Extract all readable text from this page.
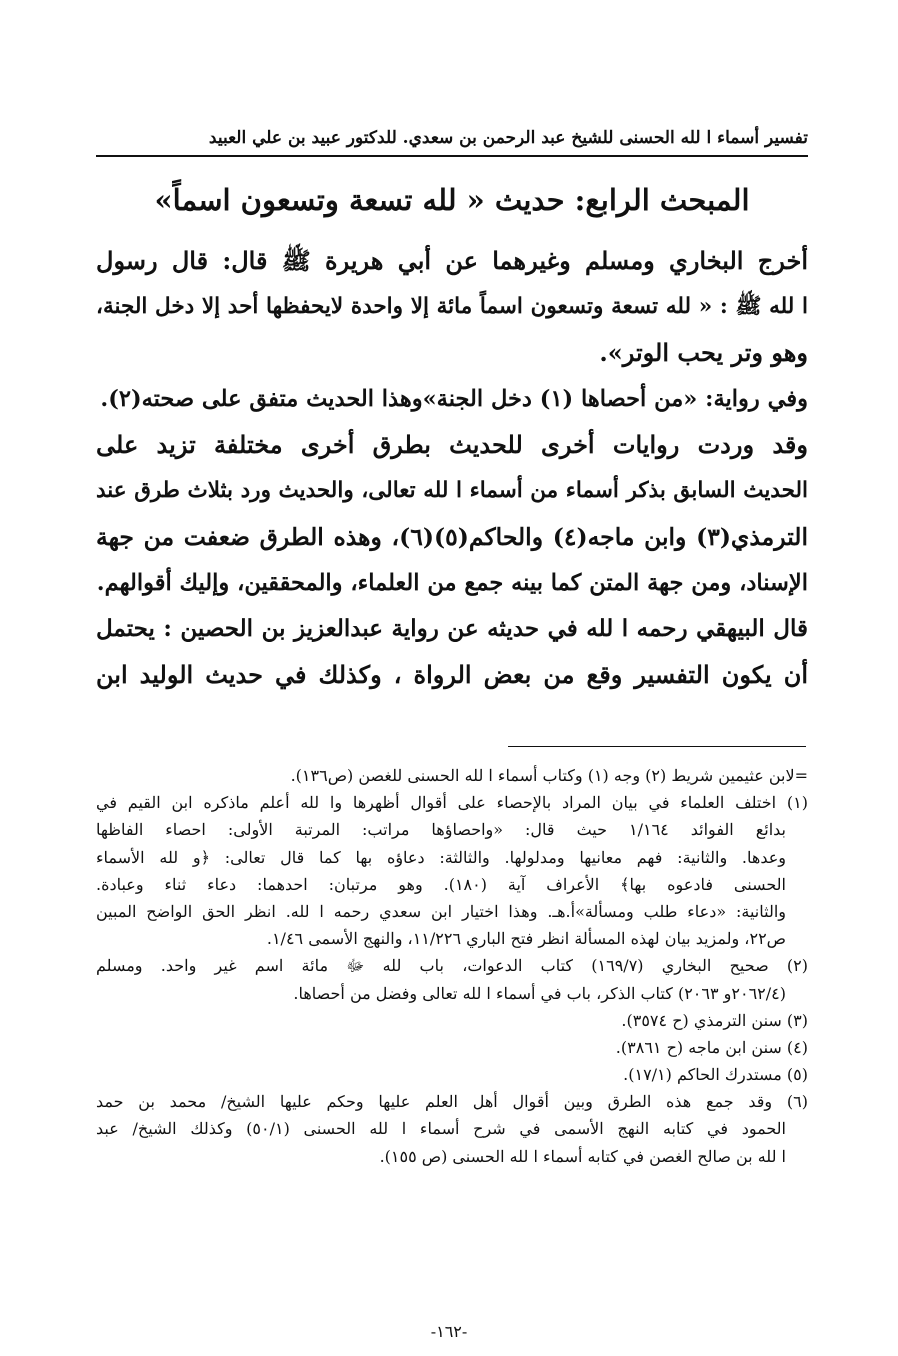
تفسير أسماء ا لله الحسنى للشيخ عبد الرحمن بن سعدي. للدكتور عبيد بن علي العبيد
المبحث الرابع: حديث « لله تسعة وتسعون اسماً»
أخرج البخاري ومسلم وغيرهما عن أبي هريرة ﷺ قال: قال رسول
ا لله ﷺ : « لله تسعة وتسعون اسماً مائة إلا واحدة لايحفظها أحد إلا دخل الجنة،
وهو وتر يحب الوتر».
وفي رواية: «من أحصاها (١) دخل الجنة»وهذا الحديث متفق على صحته(٢).
وقد وردت روايات أخرى للحديث بطرق أخرى مختلفة تزيد على
الحديث السابق بذكر أسماء من أسماء ا لله تعالى، والحديث ورد بثلاث طرق عند
الترمذي(٣) وابن ماجه(٤) والحاكم(٥)(٦)، وهذه الطرق ضعفت من جهة
الإسناد، ومن جهة المتن كما بينه جمع من العلماء، والمحققين، وإليك أقوالهم.
قال البيهقي رحمه ا لله في حديثه عن رواية عبدالعزيز بن الحصين : يحتمل
أن يكون التفسير وقع من بعض الرواة ، وكذلك في حديث الوليد ابن
=لابن عثيمين شريط (٢) وجه (١) وكتاب أسماء ا لله الحسنى للغصن (ص١٣٦).
(١) اختلف العلماء في بيان المراد بالإحصاء على أقوال أظهرها وا لله أعلم ماذكره ابن القيم في
بدائع الفوائد ١/١٦٤ حيث قال: «واحصاؤها مراتب: المرتبة الأولى: احصاء الفاظها
وعدها. والثانية: فهم معانيها ومدلولها. والثالثة: دعاؤه بها كما قال تعالى: ﴿و لله الأسماء
الحسنى فادعوه بها﴾ الأعراف آية (١٨٠). وهو مرتبان: احدهما: دعاء ثناء وعبادة.
والثانية: «دعاء طلب ومسألة»أ.هـ. وهذا اختيار ابن سعدي رحمه ا لله. انظر الحق الواضح المبين
ص٢٢، ولمزيد بيان لهذه المسألة انظر فتح الباري ١١/٢٢٦، والنهج الأسمى ١/٤٦.
(٢) صحيح البخاري (١٦٩/٧) كتاب الدعوات، باب لله ﷻ مائة اسم غير واحد. ومسلم
(٢٠٦٢/٤و ٢٠٦٣) كتاب الذكر، باب في أسماء ا لله تعالى وفضل من أحصاها.
(٣) سنن الترمذي (ح ٣٥٧٤).
(٤) سنن ابن ماجه (ح ٣٨٦١).
(٥) مستدرك الحاكم (١٧/١).
(٦) وقد جمع هذه الطرق وبين أقوال أهل العلم عليها وحكم عليها الشيخ/ محمد بن حمد
الحمود في كتابه النهج الأسمى في شرح أسماء ا لله الحسنى (٥٠/١) وكذلك الشيخ/ عبد
ا لله بن صالح الغصن في كتابه أسماء ا لله الحسنى (ص ١٥٥).
-١٦٢-
